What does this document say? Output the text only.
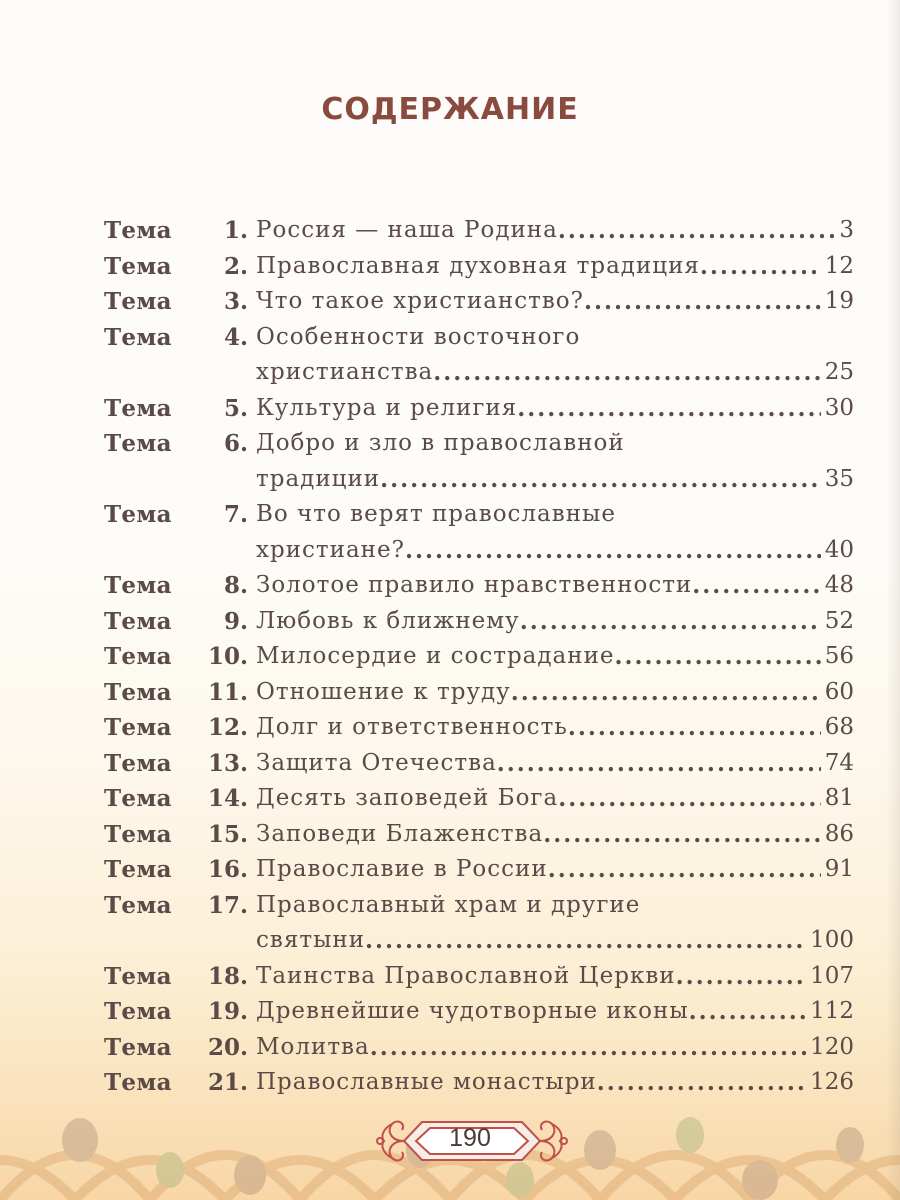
СОДЕРЖАНИЕ
Тема	1. Россия — наша Родина .....	3
Тема	2. Православная духовная традиция .....	12
Тема	3. Что такое христианство? .....	19
Тема	4. Особенности восточного
христианства .....	25
Тема	5. Культура и религия .....	30
Тема	6. Добро и зло в православной
традиции .....	35
Тема	7. Во что верят православные
христиане? .....	40
Тема	8. Золотое правило нравственности .....	48
Тема	9. Любовь к ближнему .....	52
Тема	10. Милосердие и сострадание .....	56
Тема	11. Отношение к труду .....	60
Тема	12. Долг и ответственность .....	68
Тема	13. Защита Отечества .....	74
Тема	14. Десять заповедей Бога .....	81
Тема	15. Заповеди Блаженства .....	86
Тема	16. Православие в России .....	91
Тема	17. Православный храм и другие
святыни .....	100
Тема	18. Таинства Православной Церкви .....	107
Тема	19. Древнейшие чудотворные иконы .....	112
Тема	20. Молитва .....	120
Тема	21. Православные монастыри .....	126
190
